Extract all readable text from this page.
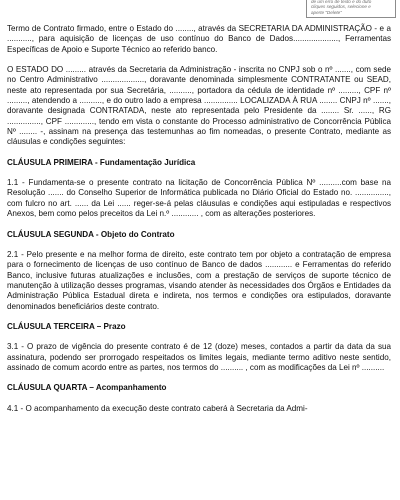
de um erro de texto e do duto
cliques seguidos, selecione e
aperte "Delete"

Termo de Contrato firmado, entre o Estado do ........, através da SECRETARIA DA ADMINISTRAÇÃO - e a ..........., para aquisição de licenças de uso contínuo do Banco de Dados...................., Ferramentas Específicas de Apoio e Suporte Técnico ao referido banco.

O ESTADO DO ......... através da Secretaria da Administração - inscrita no CNPJ sob o nº ......., com sede no Centro Administrativo ..................., doravante denominada simplesmente CONTRATANTE ou SEAD, neste ato representada por sua Secretária, .........., portadora da cédula de identidade nº ........., CPF nº ........., atendendo a .........., e do outro lado a empresa ............... LOCALIZADA À RUA ........ CNPJ nº ......., doravante designada CONTRATADA, neste ato representada pelo Presidente da ........ Sr. ......, RG ..............., CPF ............., tendo em vista o constante do Processo administrativo de Concorrência Pública Nº ........ -, assinam na presença das testemunhas ao fim nomeadas, o presente Contrato, mediante as cláusulas e condições seguintes:

CLÁUSULA PRIMEIRA - Fundamentação Jurídica

1.1 - Fundamenta-se o presente contrato na licitação de Concorrência Pública Nº ..........com base na Resolução ....... do Conselho Superior de Informática publicada no Diário Oficial do Estado no. ..............., com fulcro no art. ...... da Lei ...... reger-se-á pelas cláusulas e condições aqui estipuladas e respectivos Anexos, bem como pelos preceitos da Lei n.º ............ , com as alterações posteriores.

CLÁUSULA SEGUNDA - Objeto do Contrato

2.1 - Pelo presente e na melhor forma de direito, este contrato tem por objeto a contratação de empresa para o fornecimento de licenças de uso contínuo de Banco de dados ............ e Ferramentas do referido Banco, inclusive futuras atualizações e inclusões, com a prestação de serviços de suporte técnico de manutenção à utilização desses programas, visando atender às necessidades dos Órgãos e Entidades da Administração Pública Estadual direta e indireta, nos termos e condições ora estipulados, doravante denominados beneficiários deste contrato.

CLÁUSULA TERCEIRA – Prazo

3.1 - O prazo de vigência do presente contrato é de 12 (doze) meses, contados a partir da data da sua assinatura, podendo ser prorrogado respeitados os limites legais, mediante termo aditivo neste sentido, assinado de comum acordo entre as partes, nos termos do .......... , com as modificações da Lei nº ..........

CLÁUSULA QUARTA – Acompanhamento

4.1 - O acompanhamento da execução deste contrato caberá à Secretaria da Admi-
